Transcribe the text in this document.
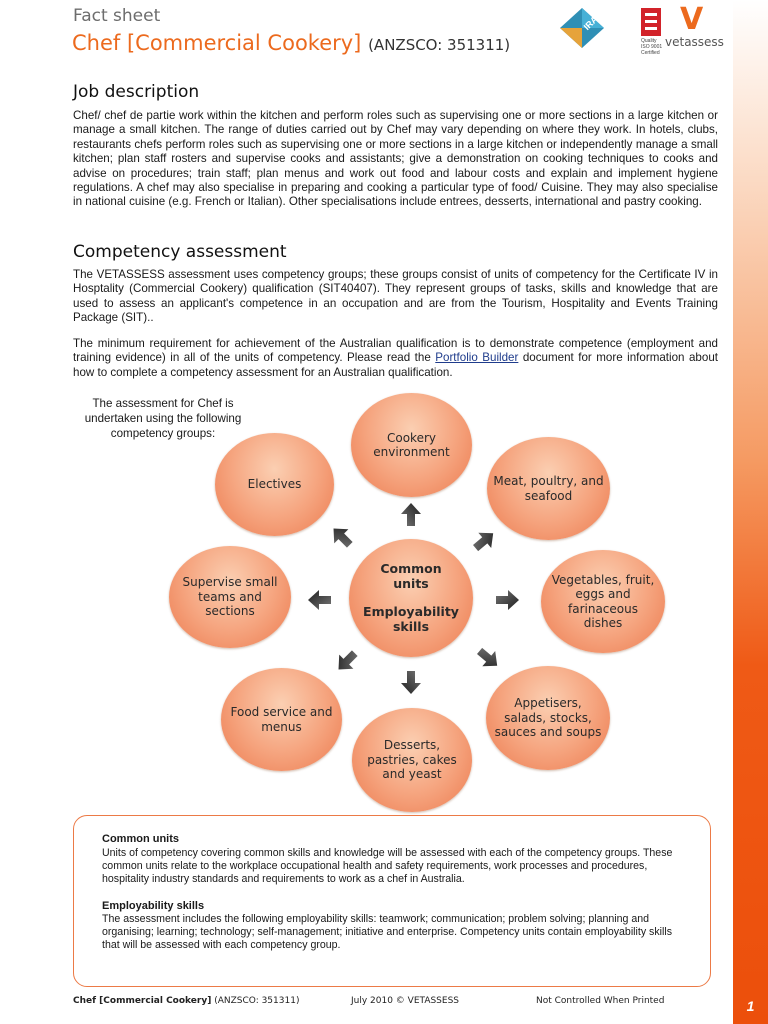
1
Fact sheet
Chef [Commercial Cookery] (ANZSCO: 351311)
IRA
Quality ISO 9001 Certified
V
vetassess
Job description
Chef/ chef de partie work within the kitchen and perform roles such as supervising one or more sections in a large kitchen or manage a small kitchen. The range of duties carried out by Chef may vary depending on where they work. In hotels, clubs, restaurants chefs perform roles such as supervising one or more sections in a large kitchen or independently manage a small kitchen; plan staff rosters and supervise cooks and assistants; give a demonstration on cooking techniques to cooks and advise on procedures; train staff; plan menus and work out food and labour costs and explain and implement hygiene regulations. A chef may also specialise in preparing and cooking a particular type of food/ Cuisine. They may also specialise in national cuisine (e.g. French or Italian). Other specialisations include entrees, desserts, international and pastry cooking.
Competency assessment
The VETASSESS assessment uses competency groups; these groups consist of units of competency for the Certificate IV in Hosptality (Commercial Cookery) qualification (SIT40407). They represent groups of tasks, skills and knowledge that are used to assess an applicant's competence in an occupation and are from the Tourism, Hospitality and Events Training Package (SIT)..
The minimum requirement for achievement of the Australian qualification is to demonstrate competence (employment and training evidence) in all of the units of competency. Please read the Portfolio Builder document for more information about how to complete a competency assessment for an Australian qualification.
The assessment for Chef is undertaken using the following competency groups:
Common units
Employability skills
Cookery environment
Meat, poultry, and seafood
Vegetables, fruit, eggs and farinaceous dishes
Appetisers, salads, stocks, sauces and soups
Desserts, pastries, cakes and yeast
Food service and menus
Supervise small teams and sections
Electives
Common units
Units of competency covering common skills and knowledge will be assessed with each of the competency groups. These common units relate to the workplace occupational health and safety requirements, work processes and procedures, hospitality industry standards and requirements to work as a chef in Australia.
Employability skills
The assessment includes the following employability skills: teamwork; communication; problem solving; planning and organising; learning; technology; self-management; initiative and enterprise. Competency units contain employability skills that will be assessed with each competency group.
Chef [Commercial Cookery] (ANZSCO: 351311)	July 2010 © VETASSESS	Not Controlled When Printed
